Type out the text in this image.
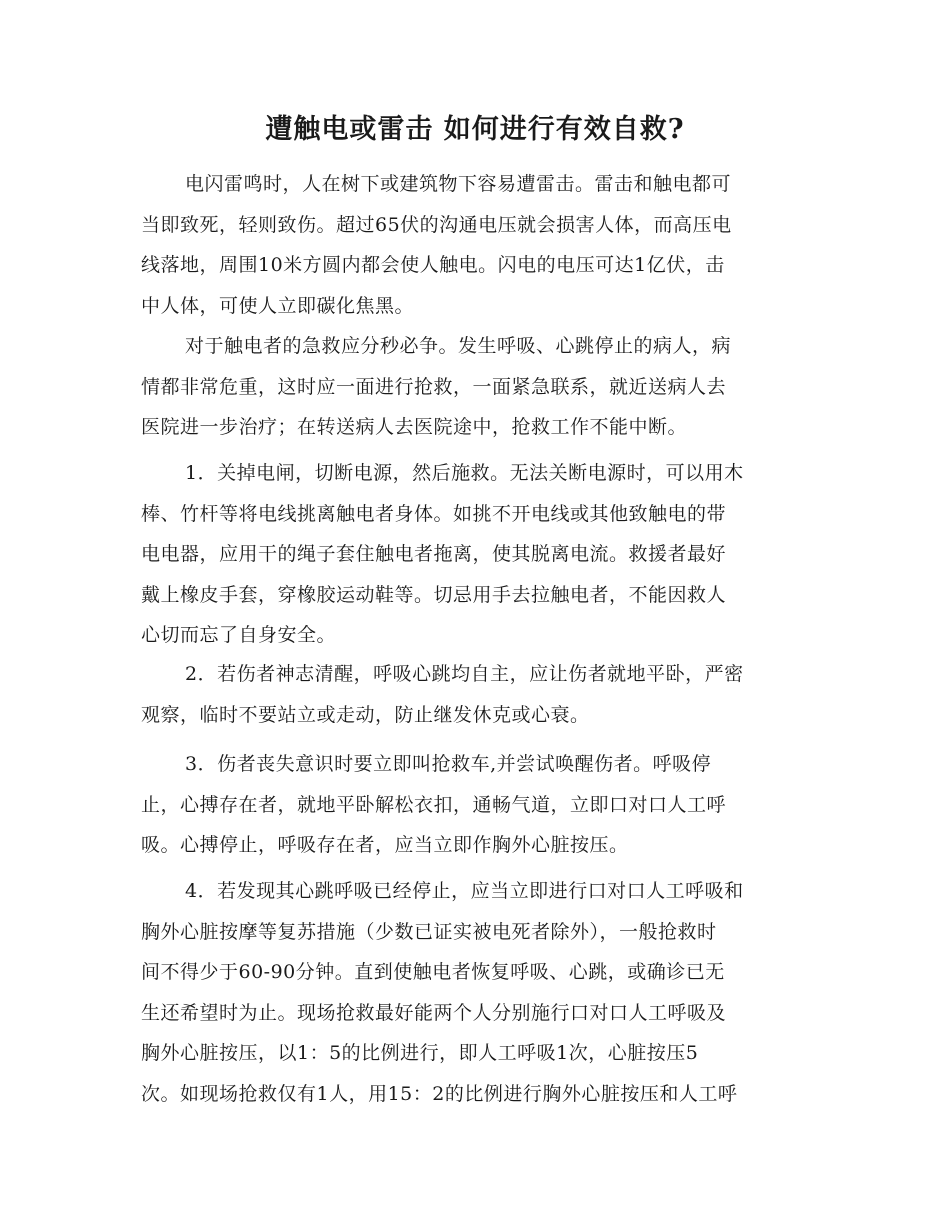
遭触电或雷击 如何进行有效自救?

电闪雷鸣时，人在树下或建筑物下容易遭雷击。雷击和触电都可
当即致死，轻则致伤。超过65伏的沟通电压就会损害人体，而高压电
线落地，周围10米方圆内都会使人触电。闪电的电压可达1亿伏，击
中人体，可使人立即碳化焦黑。

对于触电者的急救应分秒必争。发生呼吸、心跳停止的病人，病
情都非常危重，这时应一面进行抢救，一面紧急联系，就近送病人去
医院进一步治疗；在转送病人去医院途中，抢救工作不能中断。

1．关掉电闸，切断电源，然后施救。无法关断电源时，可以用木
棒、竹杆等将电线挑离触电者身体。如挑不开电线或其他致触电的带
电电器，应用干的绳子套住触电者拖离，使其脱离电流。救援者最好
戴上橡皮手套，穿橡胶运动鞋等。切忌用手去拉触电者，不能因救人
心切而忘了自身安全。

2．若伤者神志清醒，呼吸心跳均自主，应让伤者就地平卧，严密
观察，临时不要站立或走动，防止继发休克或心衰。

3．伤者丧失意识时要立即叫抢救车,并尝试唤醒伤者。呼吸停
止，心搏存在者，就地平卧解松衣扣，通畅气道，立即口对口人工呼
吸。心搏停止，呼吸存在者，应当立即作胸外心脏按压。

4．若发现其心跳呼吸已经停止，应当立即进行口对口人工呼吸和
胸外心脏按摩等复苏措施（少数已证实被电死者除外），一般抢救时
间不得少于60-90分钟。直到使触电者恢复呼吸、心跳，或确诊已无
生还希望时为止。现场抢救最好能两个人分别施行口对口人工呼吸及
胸外心脏按压，以1：5的比例进行，即人工呼吸1次，心脏按压5
次。如现场抢救仅有1人，用15：2的比例进行胸外心脏按压和人工呼
